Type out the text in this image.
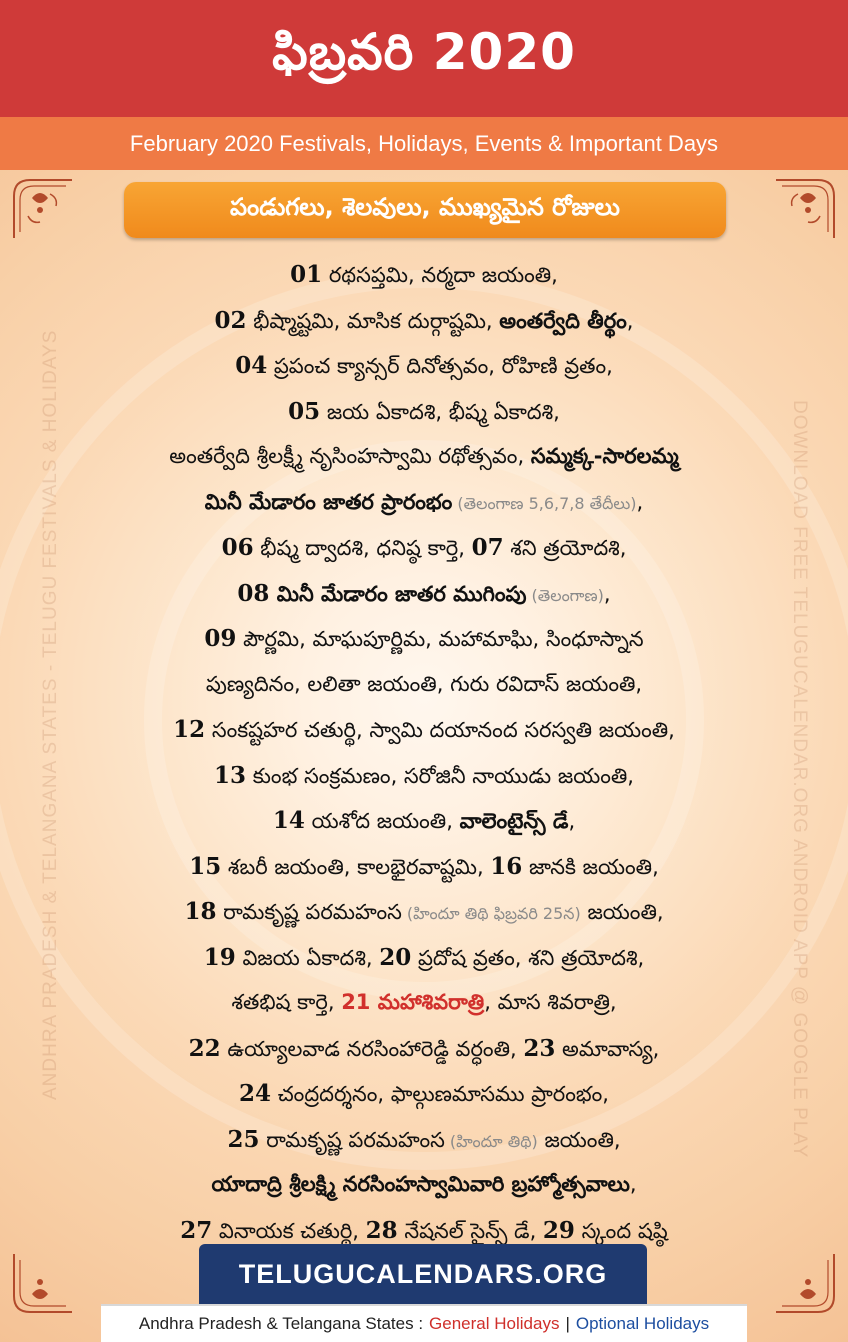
ఫిబ్రవరి 2020
February 2020 Festivals, Holidays, Events & Important Days
పండుగలు, శెలవులు, ముఖ్యమైన రోజులు
ANDHRA PRADESH & TELANGANA STATES - TELUGU FESTIVALS & HOLIDAYS	DOWNLOAD FREE TELUGUCALENDAR.ORG ANDROID APP @ GOOGLE PLAY
01 రథసప్తమి, నర్మదా జయంతి,
02 భీష్మాష్టమి, మాసిక దుర్గాష్టమి, అంతర్వేది తీర్థం,
04 ప్రపంచ క్యాన్సర్ దినోత్సవం, రోహిణి వ్రతం,
05 జయ ఏకాదశి, భీష్మ ఏకాదశి,
అంతర్వేది శ్రీలక్ష్మీ నృసింహస్వామి రథోత్సవం, సమ్మక్క-సారలమ్మ
మినీ మేడారం జాతర ప్రారంభం (తెలంగాణ 5,6,7,8 తేదీలు),
06 భీష్మ ద్వాదశి, ధనిష్ఠ కార్తె, 07 శని త్రయోదశి,
08 మినీ మేడారం జాతర ముగింపు (తెలంగాణ),
09 పౌర్ణమి, మాఘపూర్ణిమ, మహామాఘి, సింధూస్నాన
పుణ్యదినం, లలితా జయంతి, గురు రవిదాస్ జయంతి,
12 సంకష్టహర చతుర్థి, స్వామి దయానంద సరస్వతి జయంతి,
13 కుంభ సంక్రమణం, సరోజినీ నాయుడు జయంతి,
14 యశోద జయంతి, వాలెంటైన్స్ డే,
15 శబరీ జయంతి, కాలభైరవాష్టమి, 16 జానకి జయంతి,
18 రామకృష్ణ పరమహంస (హిందూ తిథి ఫిబ్రవరి 25న) జయంతి,
19 విజయ ఏకాదశి, 20 ప్రదోష వ్రతం, శని త్రయోదశి,
శతభిష కార్తె, 21 మహాశివరాత్రి, మాస శివరాత్రి,
22 ఉయ్యాలవాడ నరసింహారెడ్డి వర్ధంతి, 23 అమావాస్య,
24 చంద్రదర్శనం, ఫాల్గుణమాసము ప్రారంభం,
25 రామకృష్ణ పరమహంస (హిందూ తిథి) జయంతి,
యాదాద్రి శ్రీలక్ష్మి నరసింహస్వామివారి బ్రహ్మోత్సవాలు,
27 వినాయక చతుర్థి, 28 నేషనల్ సైన్స్ డే, 29 స్కంద షష్ఠి
TELUGUCALENDARS.ORG
Andhra Pradesh & Telangana States : General Holidays | Optional Holidays
